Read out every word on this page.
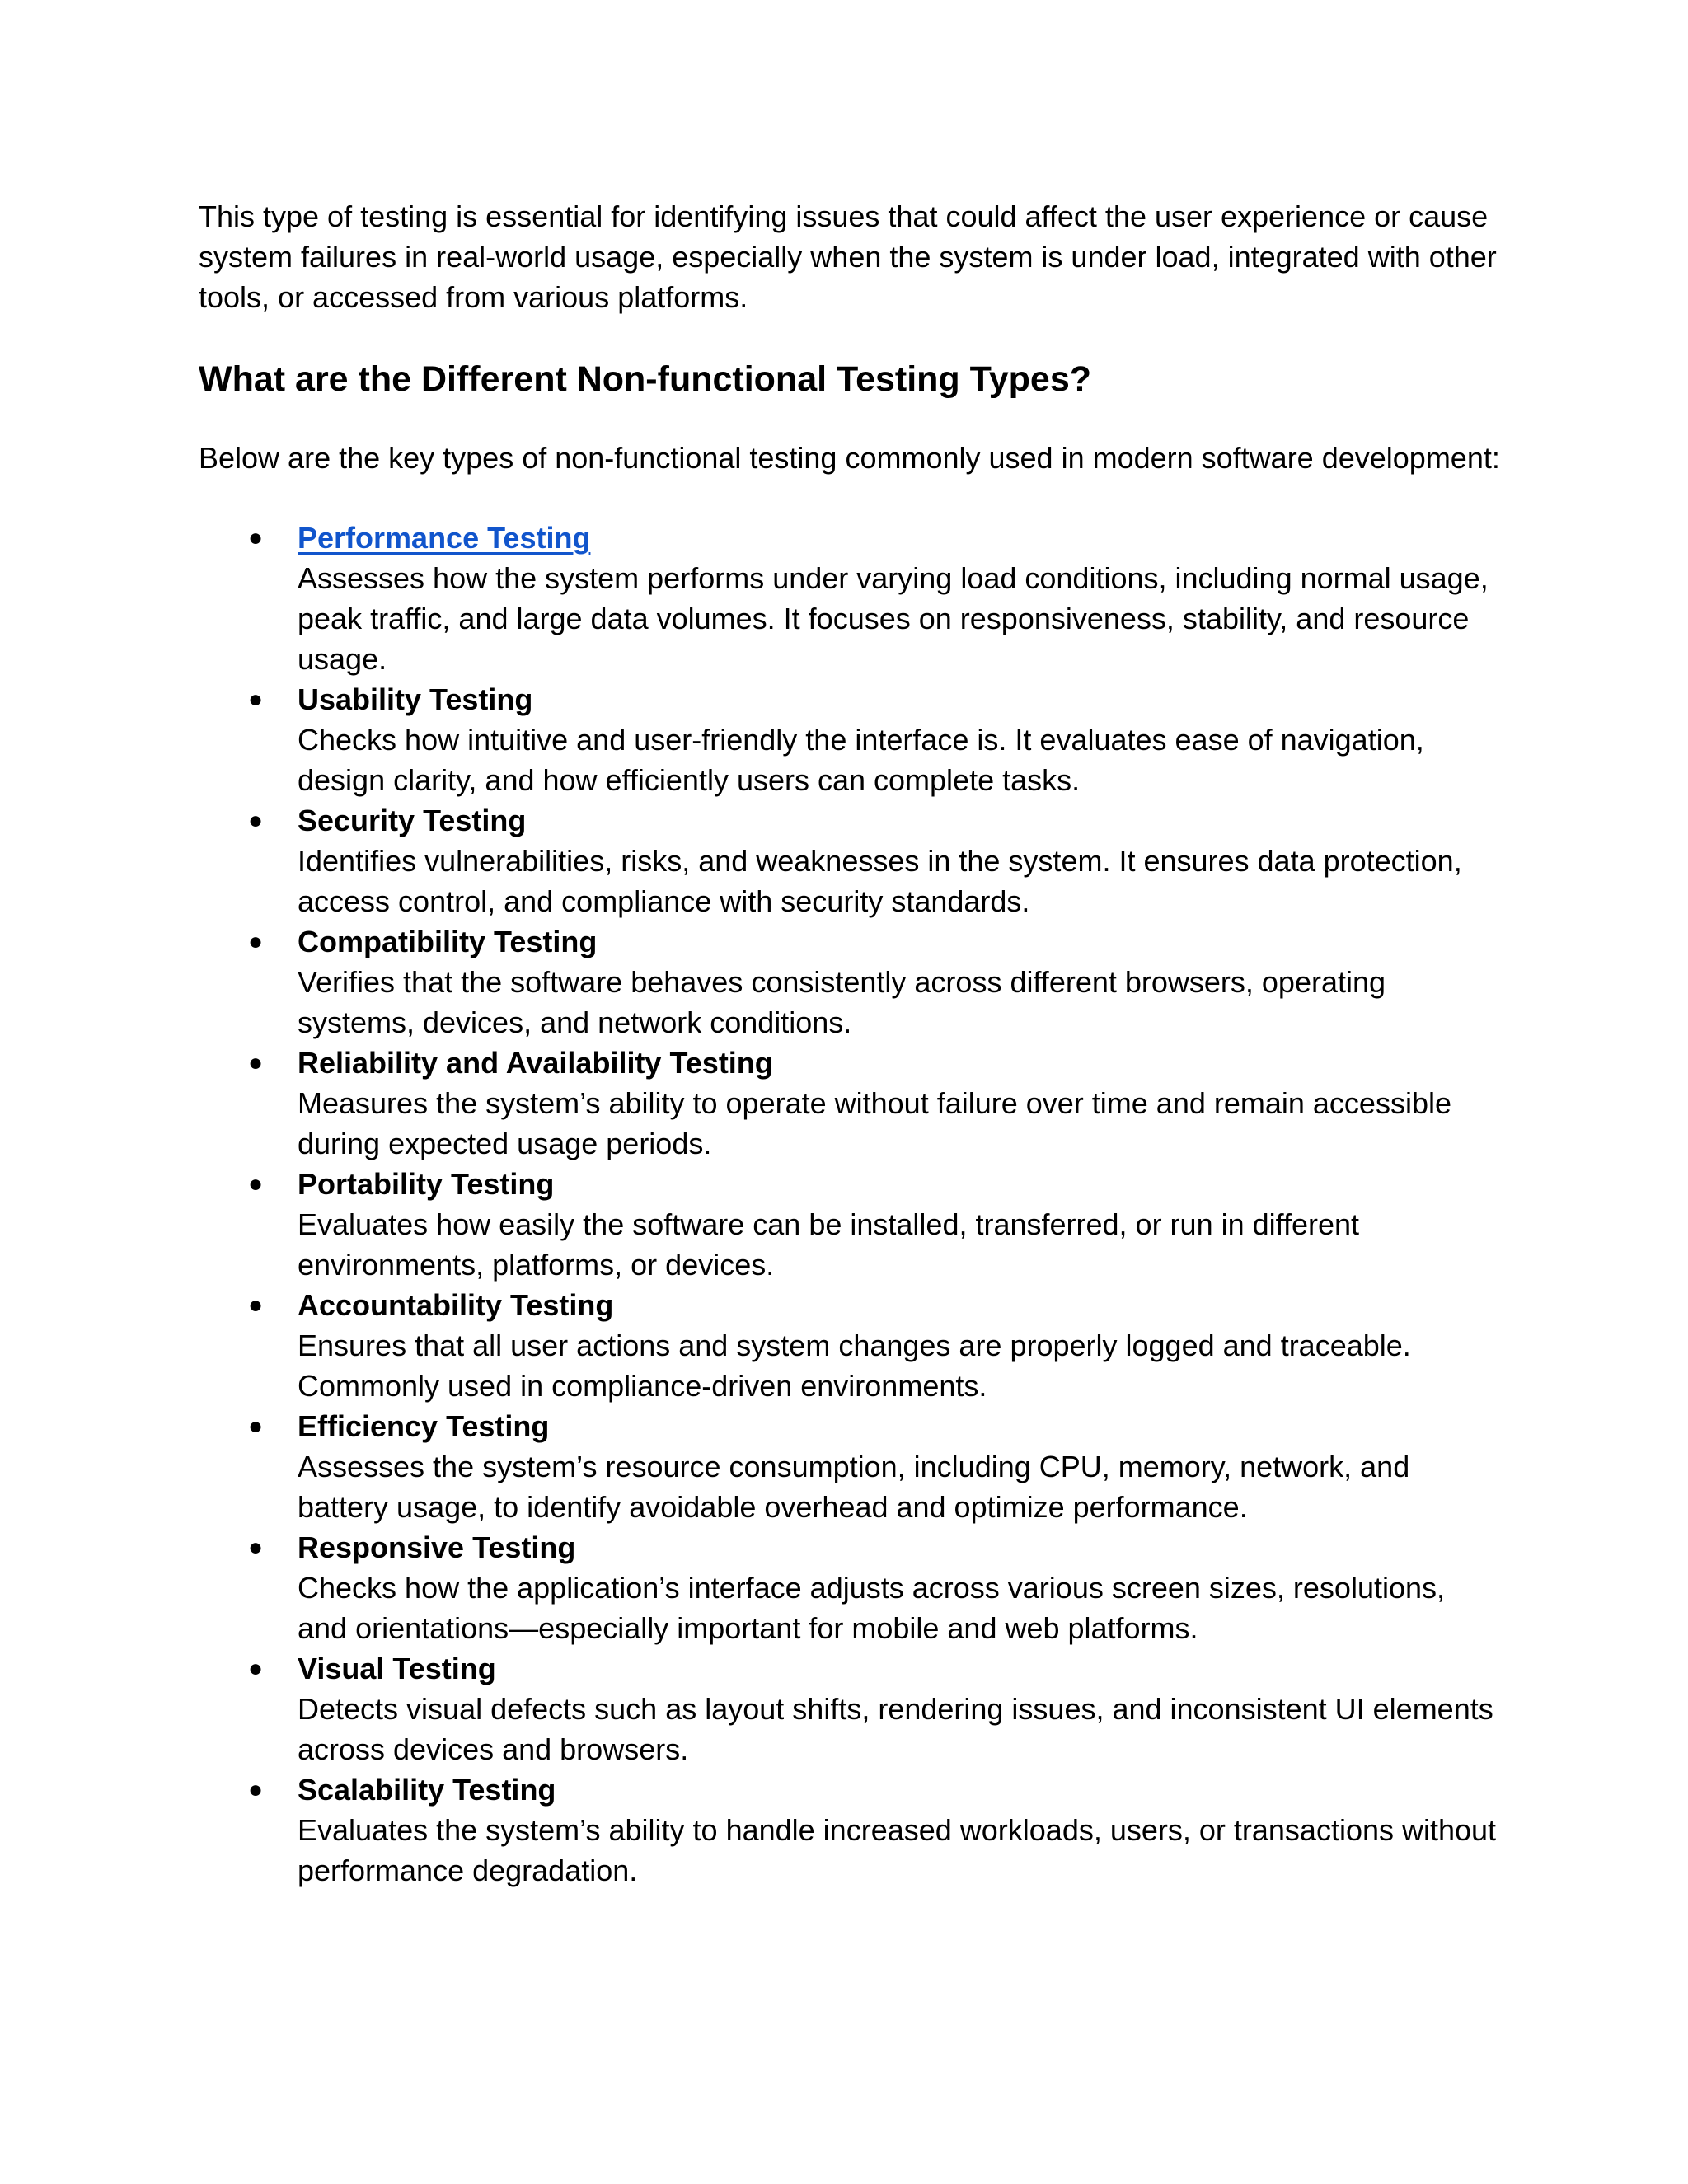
This type of testing is essential for identifying issues that could affect the user experience or cause system failures in real-world usage, especially when the system is under load, integrated with other tools, or accessed from various platforms.

What are the Different Non-functional Testing Types?

Below are the key types of non-functional testing commonly used in modern software development:

● Performance Testing
Assesses how the system performs under varying load conditions, including normal usage, peak traffic, and large data volumes. It focuses on responsiveness, stability, and resource usage.
● Usability Testing
Checks how intuitive and user-friendly the interface is. It evaluates ease of navigation, design clarity, and how efficiently users can complete tasks.
● Security Testing
Identifies vulnerabilities, risks, and weaknesses in the system. It ensures data protection, access control, and compliance with security standards.
● Compatibility Testing
Verifies that the software behaves consistently across different browsers, operating systems, devices, and network conditions.
● Reliability and Availability Testing
Measures the system’s ability to operate without failure over time and remain accessible during expected usage periods.
● Portability Testing
Evaluates how easily the software can be installed, transferred, or run in different environments, platforms, or devices.
● Accountability Testing
Ensures that all user actions and system changes are properly logged and traceable. Commonly used in compliance-driven environments.
● Efficiency Testing
Assesses the system’s resource consumption, including CPU, memory, network, and battery usage, to identify avoidable overhead and optimize performance.
● Responsive Testing
Checks how the application’s interface adjusts across various screen sizes, resolutions, and orientations—especially important for mobile and web platforms.
● Visual Testing
Detects visual defects such as layout shifts, rendering issues, and inconsistent UI elements across devices and browsers.
● Scalability Testing
Evaluates the system’s ability to handle increased workloads, users, or transactions without performance degradation.
